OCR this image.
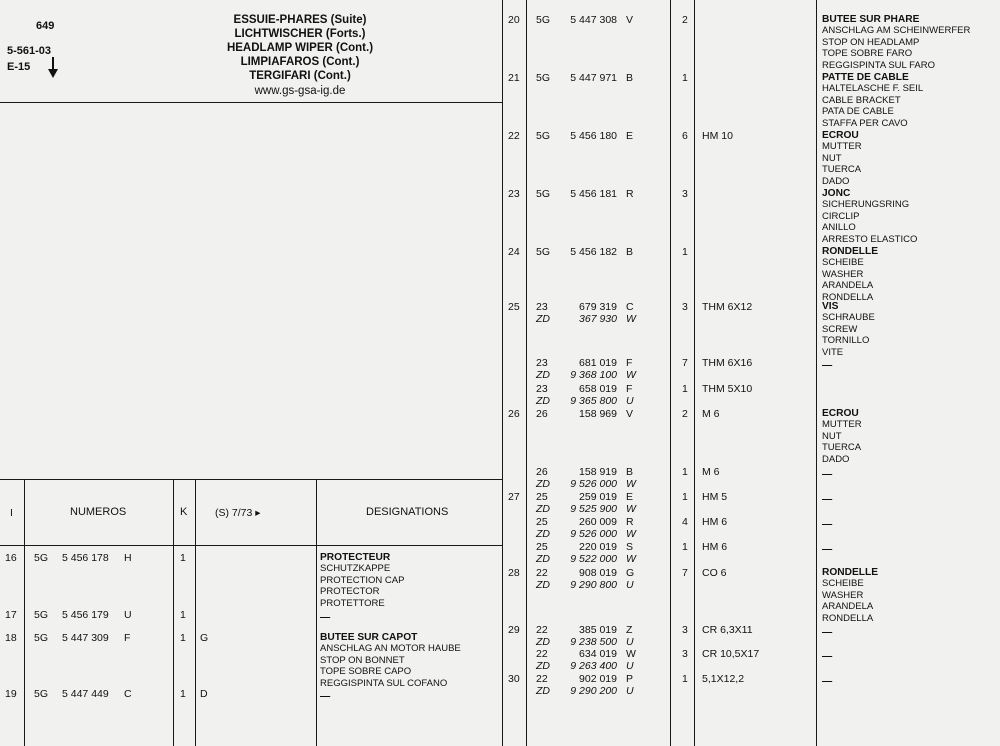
649
5-561-03
E-15
ESSUIE-PHARES (Suite)
LICHTWISCHER (Forts.)
HEADLAMP WIPER (Cont.)
LIMPIAFAROS (Cont.)
TERGIFARI (Cont.)
www.gs-gsa-ig.de
I	NUMEROS	K	(S) 7/73 ▸	DESIGNATIONS
16 5G 5 456 178 H	1	PROTECTEUR
SCHUTZKAPPE
PROTECTION CAP
PROTECTOR
PROTETTORE
17 5G 5 456 179 U	1	—
18 5G 5 447 309 F	1 G	BUTEE SUR CAPOT
ANSCHLAG AN MOTOR HAUBE
STOP ON BONNET
TOPE SOBRE CAPO
REGGISPINTA SUL COFANO
19 5G 5 447 449 C	1 D	—
20 5G	5 447 308 V	2	BUTEE SUR PHARE
ANSCHLAG AM SCHEINWERFER
STOP ON HEADLAMP
TOPE SOBRE FARO
REGGISPINTA SUL FARO
21 5G	5 447 971 B	1	PATTE DE CABLE
HALTELASCHE F. SEIL
CABLE BRACKET
PATA DE CABLE
STAFFA PER CAVO
22 5G	5 456 180 E	6 HM 10	ECROU
MUTTER
NUT
TUERCA
DADO
23 5G	5 456 181 R	3	JONC
SICHERUNGSRING
CIRCLIP
ANILLO
ARRESTO ELASTICO
24 5G	5 456 182 B	1	RONDELLE
SCHEIBE
WASHER
ARANDELA
RONDELLA
25 23	679 319 C	3 THM 6X12
ZD	367 930 W
VIS
SCHRAUBE
SCREW
TORNILLO
VITE
23	681 019 F	7 THM 6X16
ZD	9 368 100 W
—
23	658 019 F	1 THM 5X10
ZD	9 365 800 U
26 26	158 969 V	2 M 6	ECROU
MUTTER
NUT
TUERCA
DADO
26	158 919 B	1 M 6
ZD	9 526 000 W
—
27 25	259 019 E	1 HM 5
ZD	9 525 900 W
—
25	260 009 R	4 HM 6
ZD	9 526 000 W
—
25	220 019 S	1 HM 6
ZD	9 522 000 W
—
28 22	908 019 G	7 CO 6
ZD	9 290 800 U
RONDELLE
SCHEIBE
WASHER
ARANDELA
RONDELLA
29 22	385 019 Z	3 CR 6,3X11
ZD	9 238 500 U
—
22	634 019 W	3 CR 10,5X17
ZD	9 263 400 U
—
30 22	902 019 P	1 5,1X12,2
ZD	9 290 200 U
—
